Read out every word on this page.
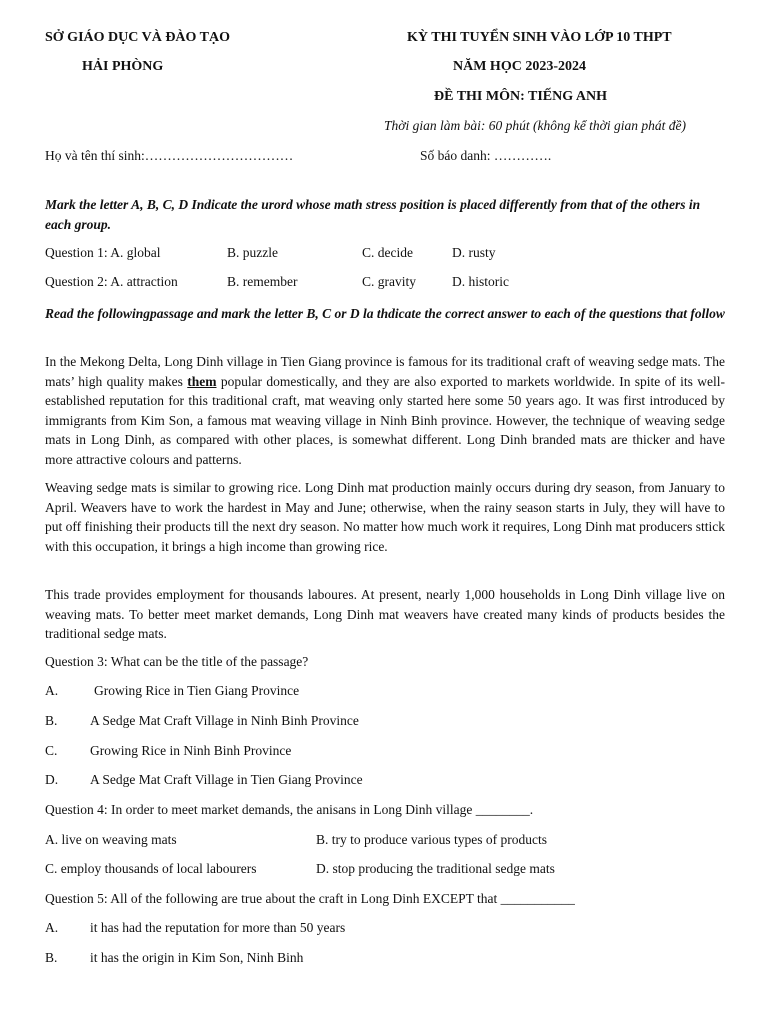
SỞ GIÁO DỤC VÀ ĐÀO TẠO
HẢI PHÒNG
KỲ THI TUYỂN SINH VÀO LỚP 10 THPT
NĂM HỌC 2023-2024
ĐỀ THI MÔN: TIẾNG ANH
Thời gian làm bài: 60 phút (không kể thời gian phát đề)
Họ và tên thí sinh:……………………………	Số báo danh: ………….
Mark the letter A, B, C, D Indicate the urord whose math stress position is placed differently from that of the others in each group.
Question 1: A. global	B. puzzle	C. decide	D. rusty
Question 2: A. attraction	B. remember	C. gravity	D. historic
Read the followingpassage and mark the letter B, C or D la thdicate the correct answer to each of the questions that follow
In the Mekong Delta, Long Dinh village in Tien Giang province is famous for its traditional craft of weaving sedge mats. The mats’ high quality makes them popular domestically, and they are also exported to markets worldwide. In spite of its well-established reputation for this traditional craft, mat weaving only started here some 50 years ago. It was first introduced by immigrants from Kim Son, a famous mat weaving village in Ninh Binh province. However, the technique of weaving sedge mats in Long Dinh, as compared with other places, is somewhat different. Long Dinh branded mats are thicker and have more attractive colours and patterns.
Weaving sedge mats is similar to growing rice. Long Dinh mat production mainly occurs during dry season, from January to April. Weavers have to work the hardest in May and June; otherwise, when the rainy season starts in July, they will have to put off finishing their products till the next dry season. No matter how much work it requires, Long Dinh mat producers sttick with this occupation, it brings a high income than growing rice.
This trade provides employment for thousands laboures. At present, nearly 1,000 households in Long Dinh village live on weaving mats. To better meet market demands, Long Dinh mat weavers have created many kinds of products besides the traditional sedge mats.
Question 3: What can be the title of the passage?
A.	Growing Rice in Tien Giang Province
B. A Sedge Mat Craft Village in Ninh Binh Province
C. Growing Rice in Ninh Binh Province
D. A Sedge Mat Craft Village in Tien Giang Province
Question 4: In order to meet market demands, the anisans in Long Dinh village ________.
A. live on weaving mats	B. try to produce various types of products
C. employ thousands of local labourers	D. stop producing the traditional sedge mats
Question 5: All of the following are true about the craft in Long Dinh EXCEPT that ___________
A. it has had the reputation for more than 50 years
B. it has the origin in Kim Son, Ninh Binh
